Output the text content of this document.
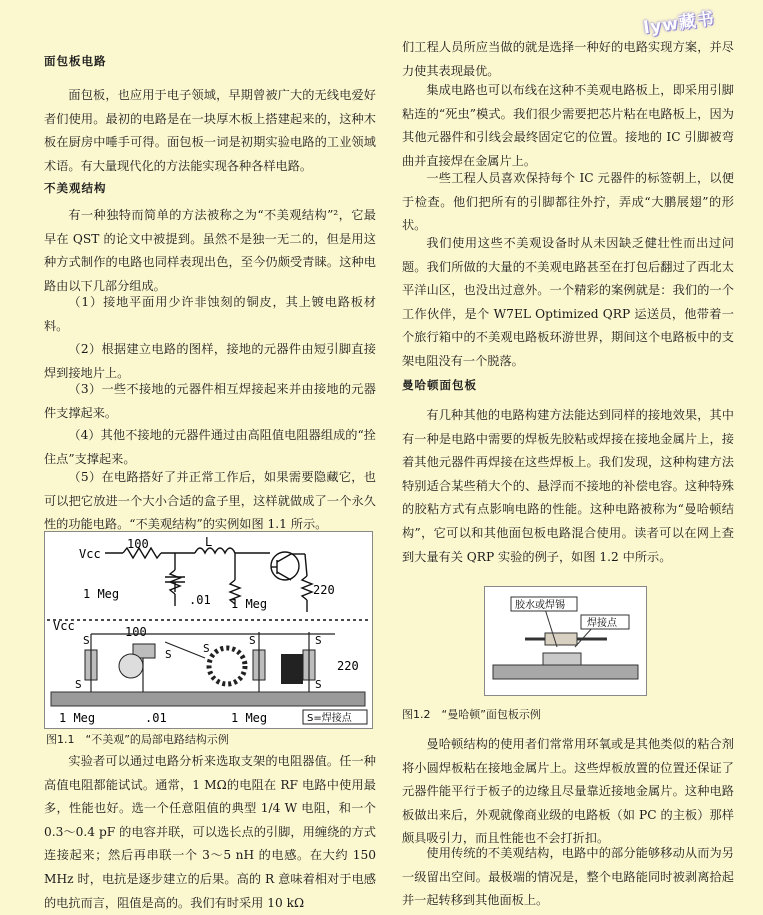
lyw藏书
面包板电路

面包板，也应用于电子领域，早期曾被广大的无线电爱好者们使用。最初的电路是在一块厚木板上搭建起来的，这种木板在厨房中唾手可得。面包板一词是初期实验电路的工业领域术语。有大量现代化的方法能实现各种各样电路。

不美观结构

有一种独特而简单的方法被称之为“不美观结构”²，它最早在 QST 的论文中被提到。虽然不是独一无二的，但是用这种方式制作的电路也同样表现出色，至今仍颇受青睐。这种电路由以下几部分组成。

（1）接地平面用少许非蚀刻的铜皮，其上镀电路板材料。

（2）根据建立电路的图样，接地的元器件由短引脚直接焊到接地片上。

（3）一些不接地的元器件相互焊接起来并由接地的元器件支撑起来。

（4）其他不接地的元器件通过由高阻值电阻器组成的“拴住点”支撑起来。

（5）在电路搭好了并正常工作后，如果需要隐藏它，也可以把它放进一个大小合适的盒子里，这样就做成了一个永久性的功能电路。“不美观结构”的实例如图 1.1 所示。

Vcc
100	L
1 Meg	.01 1 Meg
220
Vcc	100
S
S	S
S	S
S	S
220
1 Meg	.01	1 Meg	S=焊接点
图1.1　“不美观”的局部电路结构示例

实验者可以通过电路分析来选取支架的电阻器值。任一种高值电阻都能试试。通常，1 MΩ的电阻在 RF 电路中使用最多，性能也好。选一个任意阻值的典型 1/4 W 电阻，和一个 0.3～0.4 pF 的电容并联，可以选长点的引脚，用缠绕的方式连接起来；然后再串联一个 3～5 nH 的电感。在大约 150 MHz 时，电抗是逐步建立的后果。高的 R 意味着相对于电感的电抗而言，阻值是高的。我们有时采用 10 kΩ

们工程人员所应当做的就是选择一种好的电路实现方案，并尽力使其表现最优。

集成电路也可以布线在这种不美观电路板上，即采用引脚粘连的“死虫”模式。我们很少需要把芯片粘在电路板上，因为其他元器件和引线会最终固定它的位置。接地的 IC 引脚被弯曲并直接焊在金属片上。

一些工程人员喜欢保持每个 IC 元器件的标签朝上，以便于检查。他们把所有的引脚都往外拧，弄成“大鹏展翅”的形状。

我们使用这些不美观设备时从未因缺乏健壮性而出过问题。我们所做的大量的不美观电路甚至在打包后翻过了西北太平洋山区，也没出过意外。一个精彩的案例就是：我们的一个工作伙伴，是个 W7EL Optimized QRP 运送员，他带着一个旅行箱中的不美观电路板环游世界，期间这个电路板中的支架电阻没有一个脱落。

曼哈顿面包板

有几种其他的电路构建方法能达到同样的接地效果，其中有一种是电路中需要的焊板先胶粘或焊接在接地金属片上，接着其他元器件再焊接在这些焊板上。我们发现，这种构建方法特别适合某些稍大个的、悬浮而不接地的补偿电容。这种特殊的胶粘方式有点影响电路的性能。这种电路被称为“曼哈顿结构”，它可以和其他面包板电路混合使用。读者可以在网上查到大量有关 QRP 实验的例子，如图 1.2 中所示。

胶水或焊锡
焊接点
图1.2　“曼哈顿”面包板示例

曼哈顿结构的使用者们常常用环氧或是其他类似的粘合剂将小圆焊板粘在接地金属片上。这些焊板放置的位置还保证了元器件能平行于板子的边缘且尽量靠近接地金属片。这种电路板做出来后，外观就像商业级的电路板（如 PC 的主板）那样颇具吸引力，而且性能也不会打折扣。

使用传统的不美观结构，电路中的部分能够移动从而为另一级留出空间。最极端的情况是，整个电路能同时被剥离拾起并一起转移到其他面板上。
